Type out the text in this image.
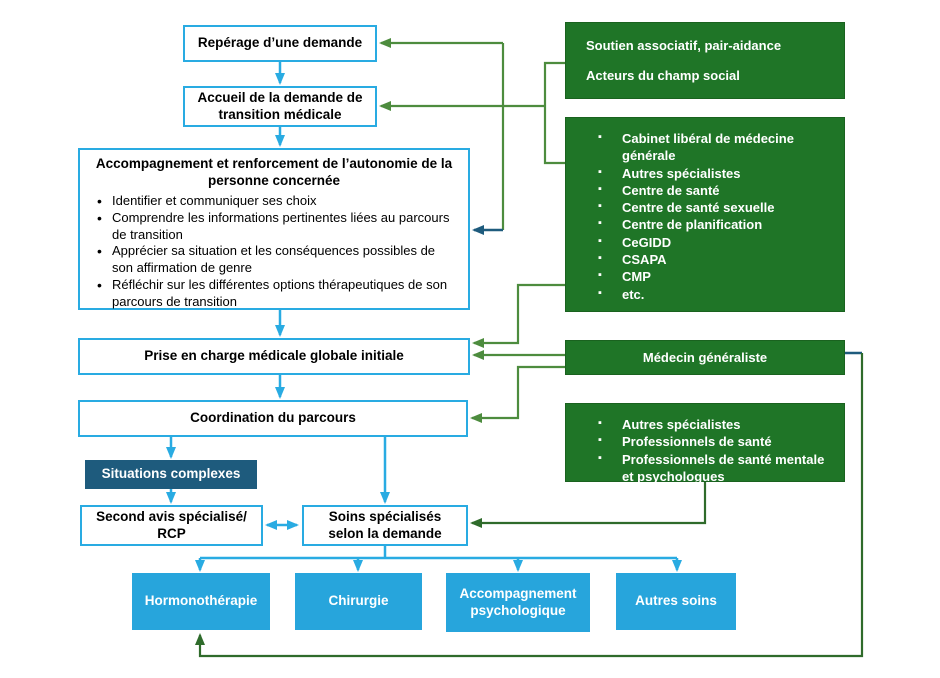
Repérage d’une demande
Accueil de la demande de transition médicale
Accompagnement et renforcement de l’autonomie de la personne concernée
• Identifier et communiquer ses choix
• Comprendre les informations pertinentes liées au parcours de transition
• Apprécier sa situation et les conséquences possibles de son affirmation de genre
• Réfléchir sur les différentes options thérapeutiques de son parcours de transition
Prise en charge médicale globale initiale
Coordination du parcours
Situations complexes
Second avis spécialisé/ RCP
Soins spécialisés selon la demande
Hormonothérapie	Chirurgie	Accompagnement psychologique
Autres soins
Soutien associatif, pair-aidance
Acteurs du champ social
▪ Cabinet libéral de médecine générale
▪ Autres spécialistes
▪ Centre de santé
▪ Centre de santé sexuelle
▪ Centre de planification
▪ CeGIDD
▪ CSAPA
▪ CMP
▪ etc.
Médecin généraliste
▪ Autres spécialistes
▪ Professionnels de santé
▪ Professionnels de santé mentale et psychologues
